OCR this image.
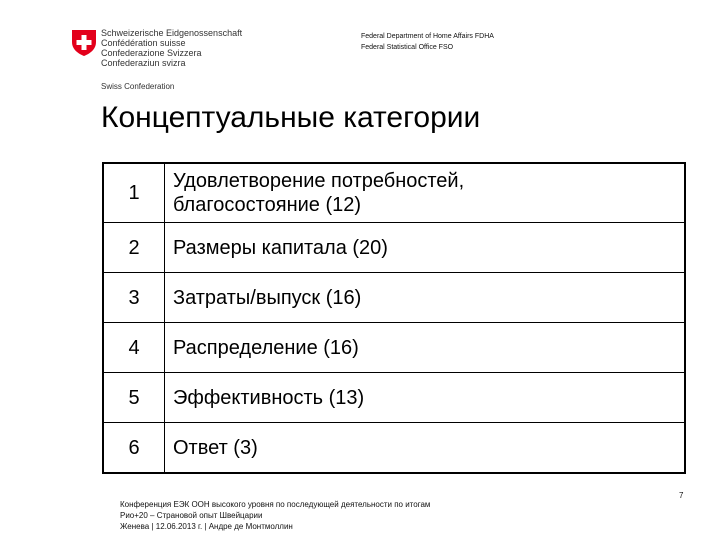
Schweizerische Eidgenossenschaft
Confédération suisse
Confederazione Svizzera
Confederaziun svizra
Swiss Confederation
Federal Department of Home Affairs FDHA
Federal Statistical Office FSO
Концептуальные категории
1	Удовлетворение потребностей,
благосостояние (12)

2	Размеры капитала (20)
3	Затраты/выпуск (16)
4	Распределение (16)
5	Эффективность (13)
6	Ответ (3)
Конференция ЕЭК ООН высокого уровня по последующей деятельности по итогам
Рио+20 – Страновой опыт Швейцарии
Женева | 12.06.2013 г. | Андре де Монтмоллин
7
